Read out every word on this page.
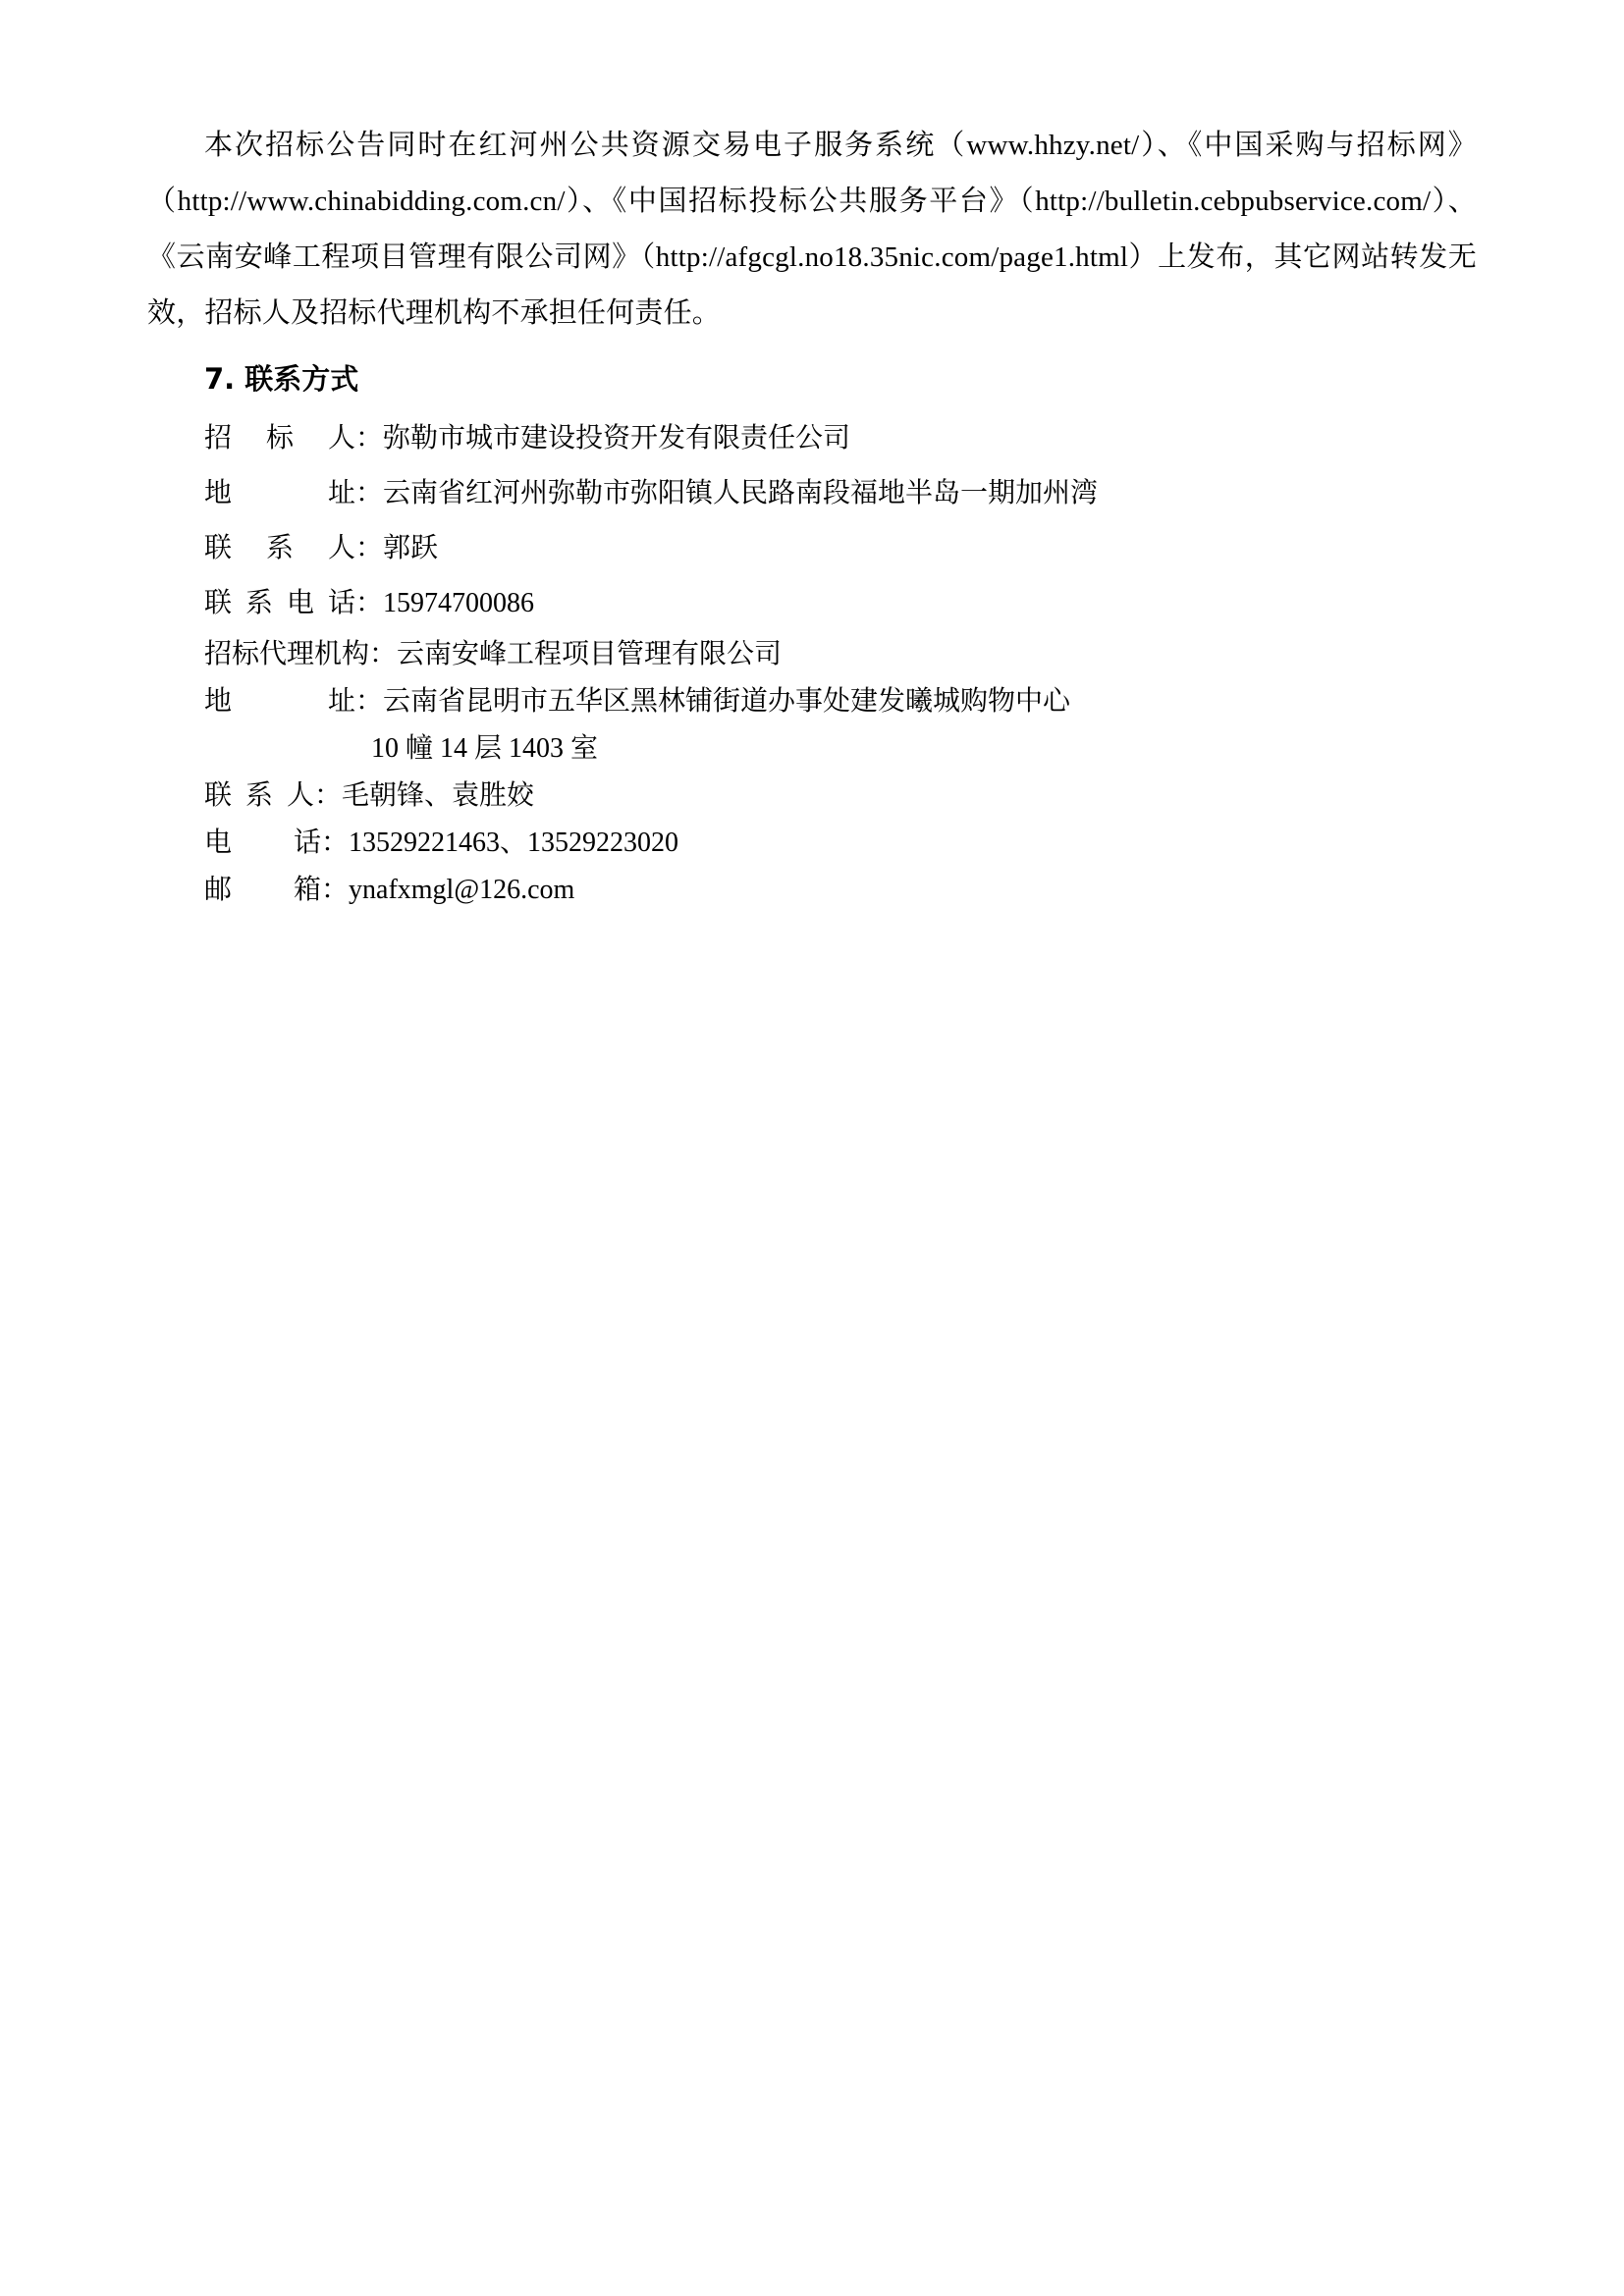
本次招标公告同时在红河州公共资源交易电子服务系统（www.hhzy.net/）、《中国采购与招标网》（http://www.chinabidding.com.cn/）、《中国招标投标公共服务平台》（http://bulletin.cebpubservice.com/）、《云南安峰工程项目管理有限公司网》（http://afgcgl.no18.35nic.com/page1.html）上发布，其它网站转发无效，招标人及招标代理机构不承担任何责任。

7. 联系方式
招     标     人： 弥勒市城市建设投资开发有限责任公司
地              址： 云南省红河州弥勒市弥阳镇人民路南段福地半岛一期加州湾
联     系     人： 郭跃
联  系  电  话： 15974700086
招标代理机构： 云南安峰工程项目管理有限公司
地              址： 云南省昆明市五华区黑林铺街道办事处建发曦城购物中心
10 幢 14 层 1403 室
联  系  人： 毛朝锋、袁胜姣
电         话： 13529221463、13529223020
邮         箱： ynafxmgl@126.com
